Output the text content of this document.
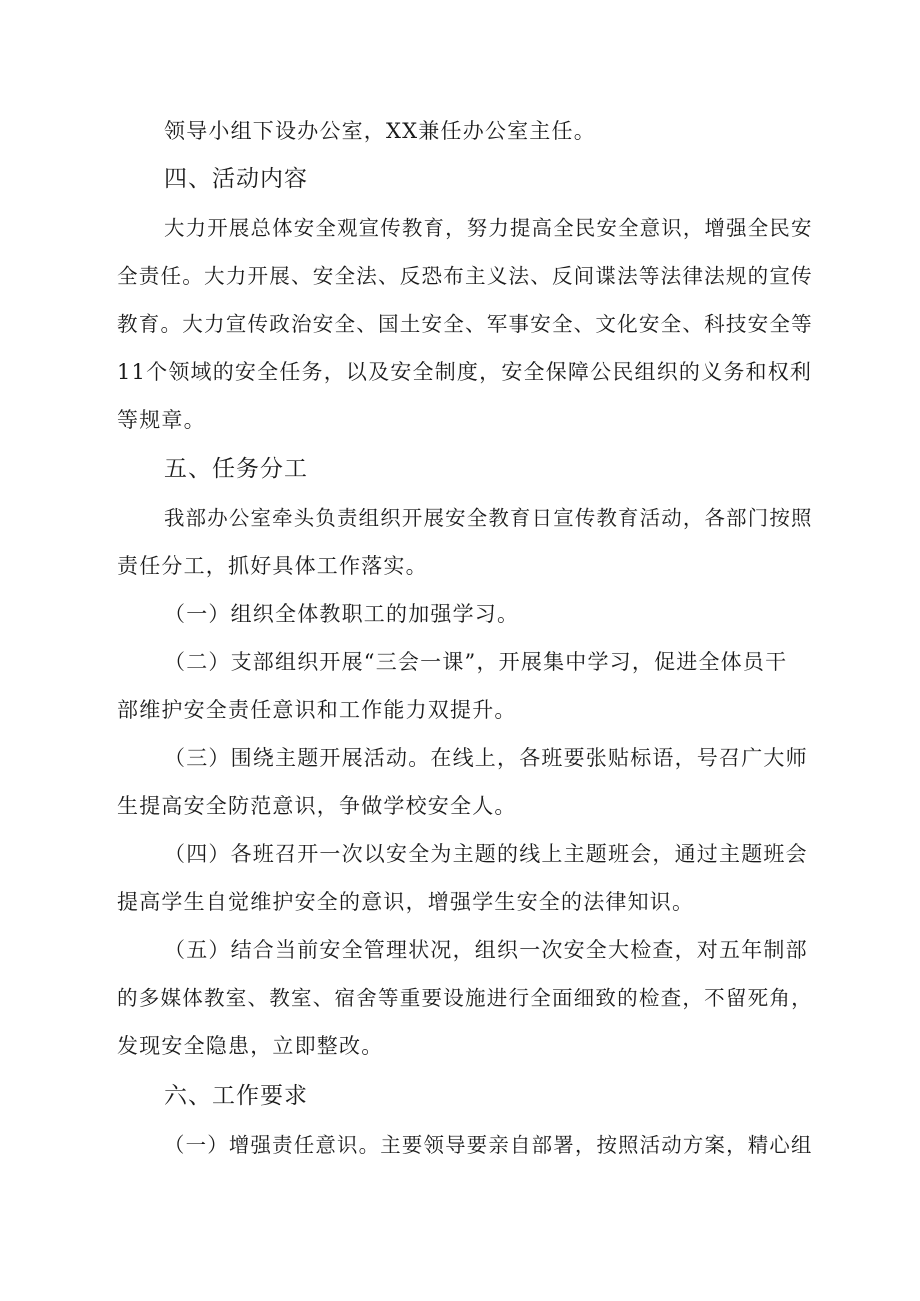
领导小组下设办公室，XX兼任办公室主任。

四、活动内容

大力开展总体安全观宣传教育，努力提高全民安全意识，增强全民安

全责任。大力开展、安全法、反恐布主义法、反间谍法等法律法规的宣传

教育。大力宣传政治安全、国土安全、军事安全、文化安全、科技安全等

11个领域的安全任务，以及安全制度，安全保障公民组织的义务和权利

等规章。

五、任务分工

我部办公室牵头负责组织开展安全教育日宣传教育活动，各部门按照

责任分工，抓好具体工作落实。

（一）组织全体教职工的加强学习。

（二）支部组织开展“三会一课”，开展集中学习，促进全体员干

部维护安全责任意识和工作能力双提升。

（三）围绕主题开展活动。在线上，各班要张贴标语，号召广大师

生提高安全防范意识，争做学校安全人。

（四）各班召开一次以安全为主题的线上主题班会，通过主题班会

提高学生自觉维护安全的意识，增强学生安全的法律知识。

（五）结合当前安全管理状况，组织一次安全大检查，对五年制部

的多媒体教室、教室、宿舍等重要设施进行全面细致的检查，不留死角，

发现安全隐患，立即整改。

六、工作要求

（一）增强责任意识。主要领导要亲自部署，按照活动方案，精心组
